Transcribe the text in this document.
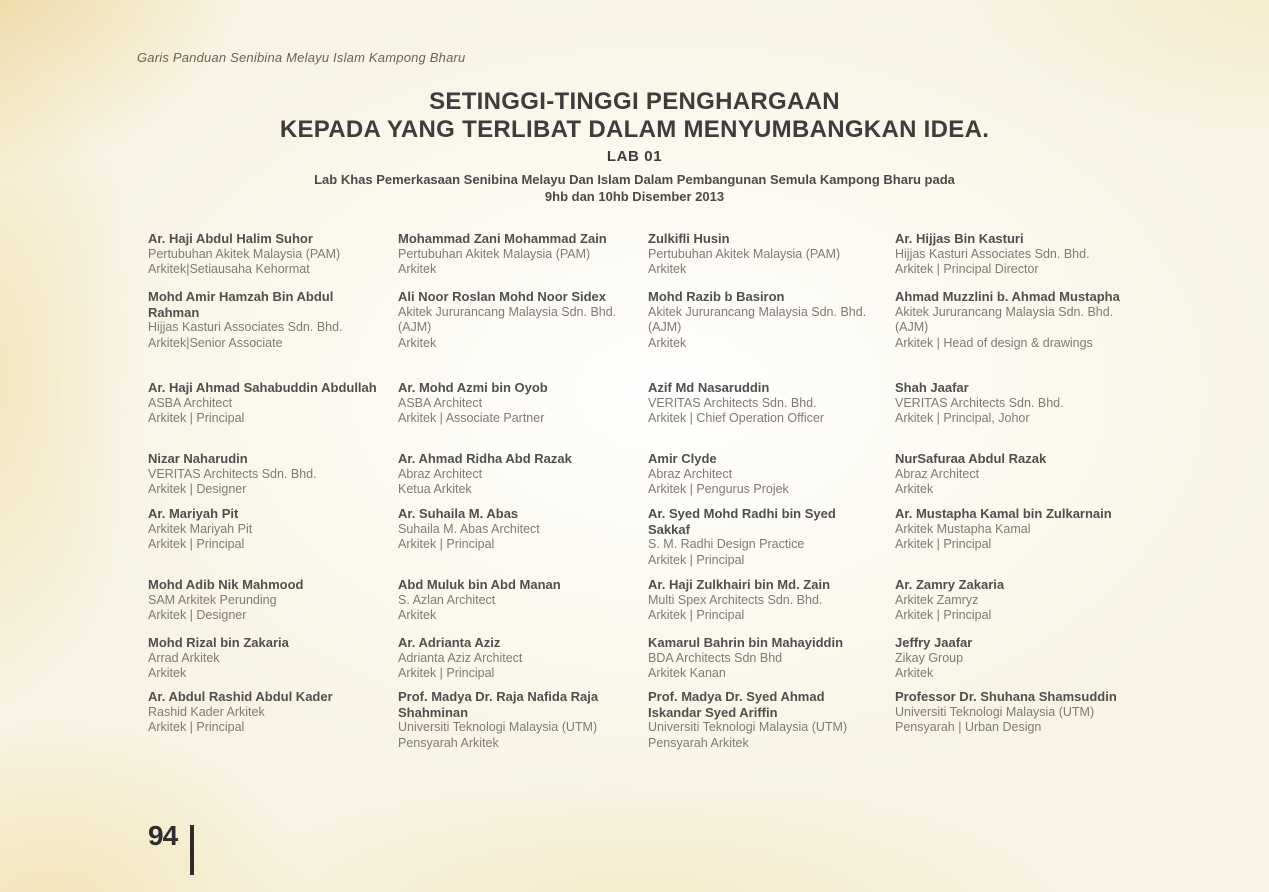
Garis Panduan Senibina Melayu Islam Kampong Bharu
SETINGGI-TINGGI PENGHARGAAN
KEPADA YANG TERLIBAT DALAM MENYUMBANGKAN IDEA.
LAB 01
Lab Khas Pemerkasaan Senibina Melayu Dan Islam Dalam Pembangunan Semula Kampong Bharu pada
9hb dan 10hb Disember 2013
Ar. Haji Abdul Halim Suhor
Pertubuhan Akitek Malaysia (PAM)
Arkitek|Setiausaha Kehormat
Mohd Amir Hamzah Bin Abdul Rahman
Hijjas Kasturi Associates Sdn. Bhd.
Arkitek|Senior Associate
Ar. Haji Ahmad Sahabuddin Abdullah
ASBA Architect
Arkitek | Principal
Nizar Naharudin
VERITAS Architects Sdn. Bhd.
Arkitek | Designer
Ar. Mariyah Pit
Arkitek Mariyah Pit
Arkitek | Principal
Mohd Adib Nik Mahmood
SAM Arkitek Perunding
Arkitek | Designer
Mohd Rizal bin Zakaria
Arrad Arkitek
Arkitek
Ar. Abdul Rashid Abdul Kader
Rashid Kader Arkitek
Arkitek | Principal
Mohammad Zani Mohammad Zain
Pertubuhan Akitek Malaysia (PAM)
Arkitek
Ali Noor Roslan Mohd Noor Sidex
Akitek Jururancang Malaysia Sdn. Bhd. (AJM)
Arkitek
Ar. Mohd Azmi bin Oyob
ASBA Architect
Arkitek | Associate Partner
Ar. Ahmad Ridha Abd Razak
Abraz Architect
Ketua Arkitek
Ar. Suhaila M. Abas
Suhaila M. Abas Architect
Arkitek | Principal
Abd Muluk bin Abd Manan
S. Azlan Architect
Arkitek
Ar. Adrianta Aziz
Adrianta Aziz Architect
Arkitek | Principal
Prof. Madya Dr. Raja Nafida Raja Shahminan
Universiti Teknologi Malaysia (UTM)
Pensyarah Arkitek
Zulkifli Husin
Pertubuhan Akitek Malaysia (PAM)
Arkitek
Mohd Razib b Basiron
Akitek Jururancang Malaysia Sdn. Bhd. (AJM)
Arkitek
Azif Md Nasaruddin
VERITAS Architects Sdn. Bhd.
Arkitek | Chief Operation Officer
Amir Clyde
Abraz Architect
Arkitek | Pengurus Projek
Ar. Syed Mohd Radhi bin Syed Sakkaf
S. M. Radhi Design Practice
Arkitek | Principal
Ar. Haji Zulkhairi bin Md. Zain
Multi Spex Architects Sdn. Bhd.
Arkitek | Principal
Kamarul Bahrin bin Mahayiddin
BDA Architects Sdn Bhd
Arkitek Kanan
Prof. Madya Dr. Syed Ahmad Iskandar Syed Ariffin
Universiti Teknologi Malaysia (UTM)
Pensyarah Arkitek
Ar. Hijjas Bin Kasturi
Hijjas Kasturi Associates Sdn. Bhd.
Arkitek | Principal Director
Ahmad Muzzlini b. Ahmad Mustapha
Akitek Jururancang Malaysia Sdn. Bhd. (AJM)
Arkitek | Head of design & drawings
Shah Jaafar
VERITAS Architects Sdn. Bhd.
Arkitek | Principal, Johor
NurSafuraa Abdul Razak
Abraz Architect
Arkitek
Ar. Mustapha Kamal bin Zulkarnain
Arkitek Mustapha Kamal
Arkitek | Principal
Ar. Zamry Zakaria
Arkitek Zamryz
Arkitek | Principal
Jeffry Jaafar
Zikay Group
Arkitek
Professor Dr. Shuhana Shamsuddin
Universiti Teknologi Malaysia (UTM)
Pensyarah | Urban Design
94
